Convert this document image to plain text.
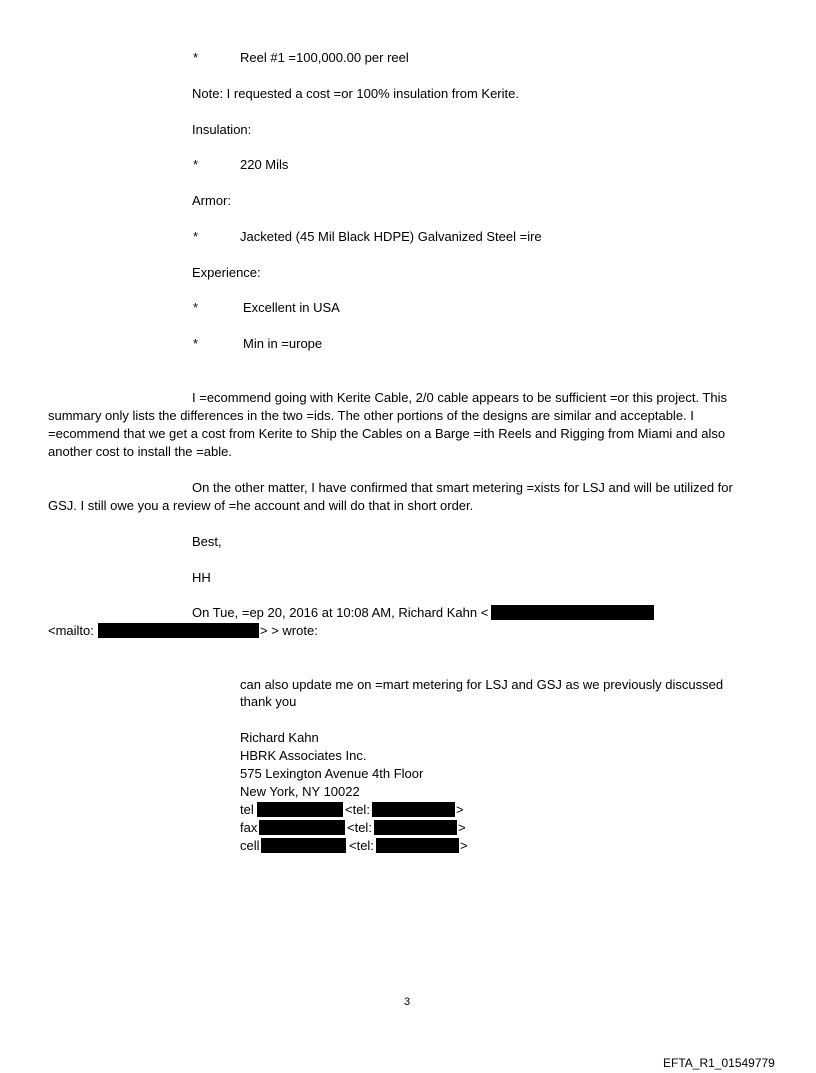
*	Reel #1 =100,000.00 per reel
Note: I requested a cost =or 100% insulation from Kerite.
Insulation:
*	220 Mils
Armor:
*	Jacketed (45 Mil Black HDPE) Galvanized Steel =ire
Experience:
*	Excellent in USA
*	Min in =urope
I =ecommend going with Kerite Cable, 2/0 cable appears to be sufficient =or this project. This
summary only lists the differences in the two =ids. The other portions of the designs are similar and acceptable. I
=ecommend that we get a cost from Kerite to Ship the Cables on a Barge =ith Reels and Rigging from Miami and also
another cost to install the =able.
On the other matter, I have confirmed that smart metering =xists for LSJ and will be utilized for
GSJ. I still owe you a review of =he account and will do that in short order.
Best,
HH
On Tue, =ep 20, 2016 at 10:08 AM, Richard Kahn <
<mailto:	> > wrote:
can also update me on =mart metering for LSJ and GSJ as we previously discussed
thank you
Richard Kahn
HBRK Associates Inc.
575 Lexington Avenue 4th Floor
New York, NY 10022
tel	<tel:	>
fax	<tel:	>
cell	<tel:	>
3
EFTA_R1_01549779
